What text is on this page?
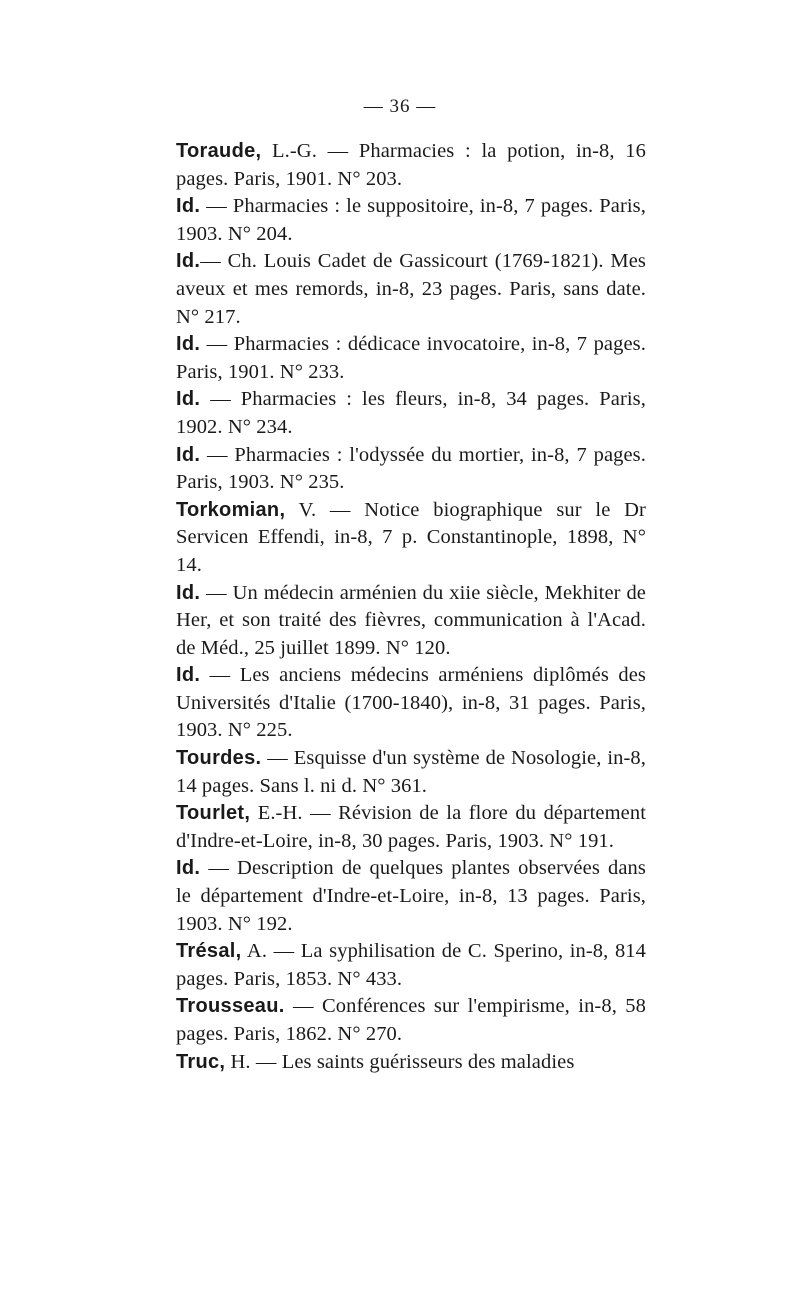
— 36 —

Toraude, L.-G. — Pharmacies : la potion, in-8, 16 pages. Paris, 1901. N° 203.

Id. — Pharmacies : le suppositoire, in-8, 7 pages. Paris, 1903. N° 204.

Id.— Ch. Louis Cadet de Gassicourt (1769-1821). Mes aveux et mes remords, in-8, 23 pages. Paris, sans date. N° 217.

Id. — Pharmacies : dédicace invocatoire, in-8, 7 pages. Paris, 1901. N° 233.

Id. — Pharmacies : les fleurs, in-8, 34 pages. Paris, 1902. N° 234.

Id. — Pharmacies : l'odyssée du mortier, in-8, 7 pages. Paris, 1903. N° 235.

Torkomian, V. — Notice biographique sur le Dr Servicen Effendi, in-8, 7 p. Constantinople, 1898, N° 14.

Id. — Un médecin arménien du xiie siècle, Mekhiter de Her, et son traité des fièvres, communication à l'Acad. de Méd., 25 juillet 1899. N° 120.

Id. — Les anciens médecins arméniens diplômés des Universités d'Italie (1700-1840), in-8, 31 pages. Paris, 1903. N° 225.

Tourdes. — Esquisse d'un système de Nosologie, in-8, 14 pages. Sans l. ni d. N° 361.

Tourlet, E.-H. — Révision de la flore du département d'Indre-et-Loire, in-8, 30 pages. Paris, 1903. N° 191.

Id. — Description de quelques plantes observées dans le département d'Indre-et-Loire, in-8, 13 pages. Paris, 1903. N° 192.

Trésal, A. — La syphilisation de C. Sperino, in-8, 814 pages. Paris, 1853. N° 433.

Trousseau. — Conférences sur l'empirisme, in-8, 58 pages. Paris, 1862. N° 270.

Truc, H. — Les saints guérisseurs des maladies
